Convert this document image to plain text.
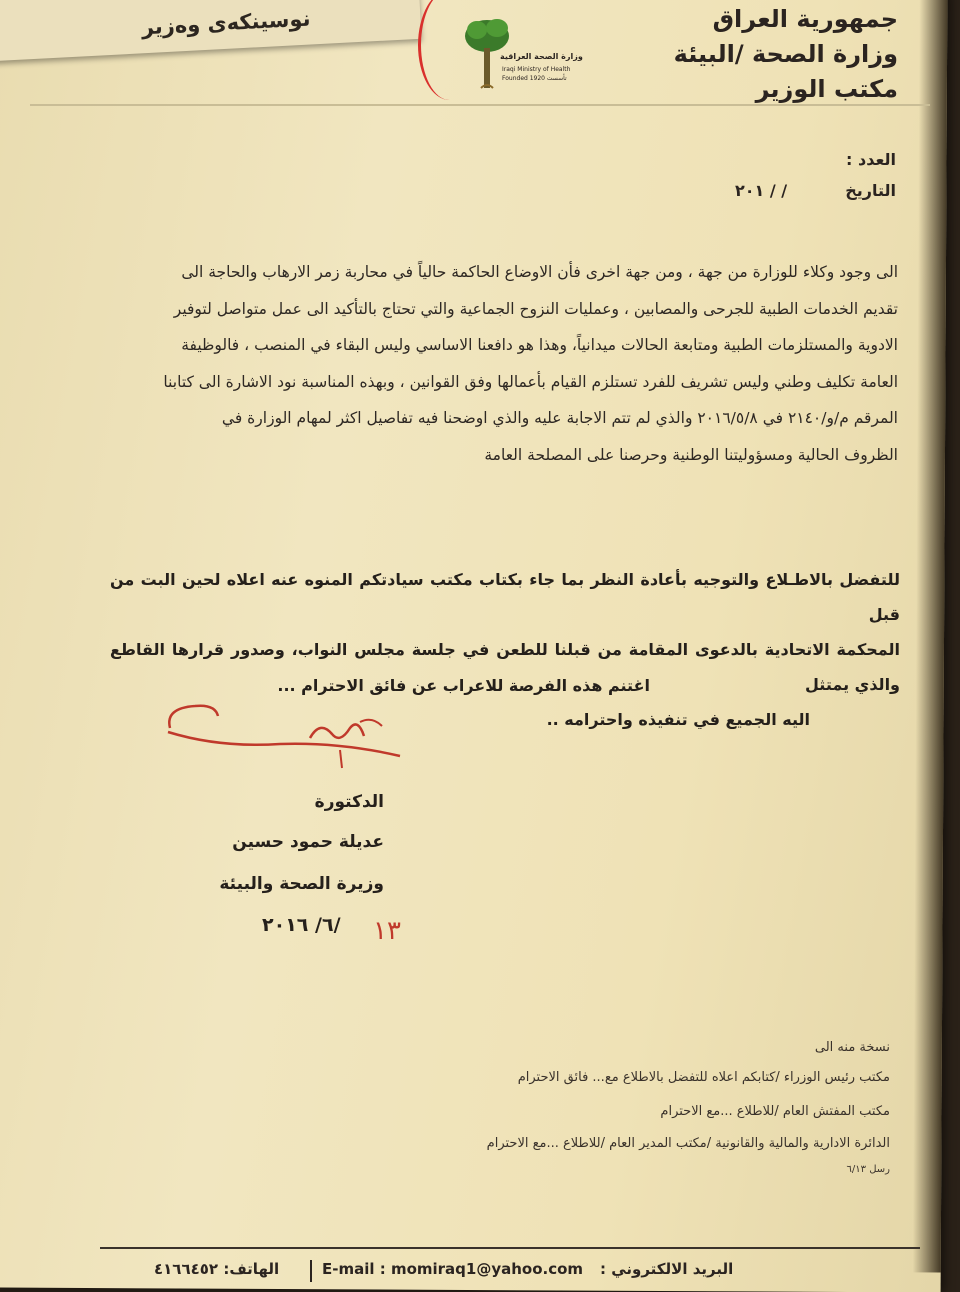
نوسينكەی وەزیر	جمهورية العراق
وزارة الصحة /البيئة
مكتب الوزير
وزارة الصحة العراقية
Iraqi Ministry of Health
Founded 1920 تأسست
العدد :
التاريخ
/ / ٢٠١
الى وجود وكلاء للوزارة من جهة ، ومن جهة اخرى فأن الاوضاع الحاكمة حالياً في محاربة زمر الارهاب والحاجة الى
تقديم الخدمات الطبية للجرحى والمصابين ، وعمليات النزوح الجماعية والتي تحتاج بالتأكيد الى عمل متواصل لتوفير
الادوية والمستلزمات الطبية ومتابعة الحالات ميدانياً، وهذا هو دافعنا الاساسي وليس البقاء في المنصب ، فالوظيفة
العامة تكليف وطني وليس تشريف للفرد تستلزم القيام بأعمالها وفق القوانين ، وبهذه المناسبة نود الاشارة الى كتابنا
المرقم م/و/٢١٤٠ في ٢٠١٦/٥/٨ والذي لم تتم الاجابة عليه والذي اوضحنا فيه تفاصيل اكثر لمهام الوزارة في
الظروف الحالية ومسؤوليتنا الوطنية وحرصنا على المصلحة العامة
للتفضل بالاطـلاع والتوجيه بأعادة النظر بما جاء بكتاب مكتب سيادتكم المنوه عنه اعلاه لحين البت من قبل
المحكمة الاتحادية بالدعوى المقامة من قبلنا للطعن في جلسة مجلس النواب، وصدور قرارها القاطع والذي يمتثل
اليه الجميع في تنفيذه واحترامه ..
اغتنم هذه الفرصة للاعراب عن فائق الاحترام ...
الدكتورة
عديلة حمود حسين
وزيرة الصحة والبيئة
١٣
/٦/ ٢٠١٦
نسخة منه الى
مكتب رئيس الوزراء /كتابكم اعلاه للتفضل بالاطلاع مع... فائق الاحترام
مكتب المفتش العام /للاطلاع ...مع الاحترام
الدائرة الادارية والمالية والقانونية /مكتب المدير العام /للاطلاع ...مع الاحترام
رسل ٦/١٣
الهاتف: ٤١٦٦٤٥٢	E-mail : momiraq1@yahoo.com البريد الالكتروني :
